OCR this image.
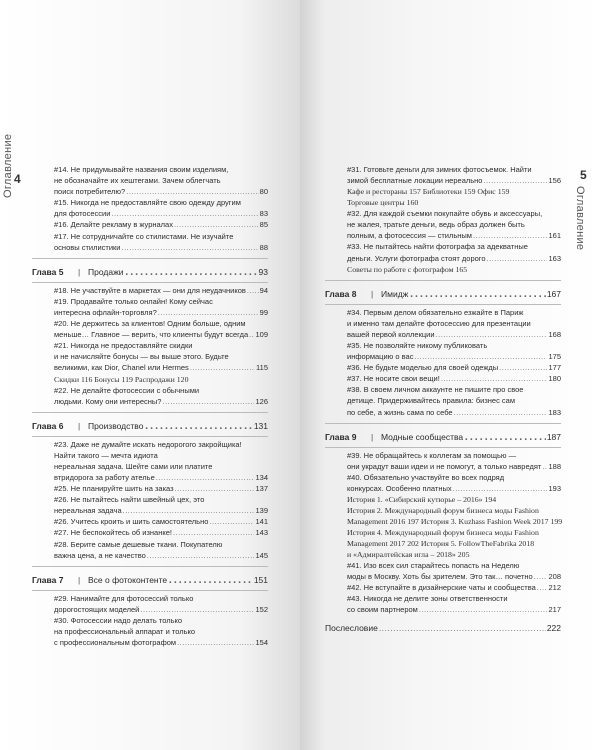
4
Оглавление	#14. Не придумывайте названия своим изделиям,
не обозначайте их хештегами. Зачем облегчать
поиск потребителю? .....	80
#15. Никогда не предоставляйте свою одежду другим
для фотосессии .....	83
#16. Делайте рекламу в журналах .....	85
#17. Не сотрудничайте со стилистами. Не изучайте
основы стилистики .....	88
Глава 5	| Продажи .....	93
#18. Не участвуйте в маркетах — они для неудачников ..... 94
#19. Продавайте только онлайн! Кому сейчас
интересна офлайн-торговля? .....	99
#20. Не держитесь за клиентов! Одним больше, одним
меньше… Главное — верить, что клиенты будут всегда ..... 109
#21. Никогда не предоставляйте скидки
и не начисляйте бонусы — вы выше этого. Будьте
великими, как Dior, Chanel или Hermes .....	115
Скидки 116 Бонусы 119 Распродажи 120
#22. Не делайте фотосессии с обычными
людьми. Кому они интересны? .....	126
Глава 6	| Производство .....	131
#23. Даже не думайте искать недорогого закройщика!
Найти такого — мечта идиота
нереальная задача. Шейте сами или платите
втридорога за работу ателье .....	134
#25. Не планируйте шить на заказ .....	137
#26. Не пытайтесь найти швейный цех, это
нереальная задача .....	139
#26. Учитесь кроить и шить самостоятельно .....	141
#27. Не беспокойтесь об изнанке! .....	143
#28. Берите самые дешевые ткани. Покупателю
важна цена, а не качество .....	145
Глава 7	| Все о фотоконтенте .....	151
#29. Нанимайте для фотосессий только
дорогостоящих моделей .....	152
#30. Фотосессии надо делать только
на профессиональный аппарат и только
с профессиональным фотографом .....	154
5
Оглавление
#31. Готовьте деньги для зимних фотосъемок. Найти
зимой бесплатные локации нереально .....	156
Кафе и рестораны 157 Библиотеки 159 Офис 159
Торговые центры 160
#32. Для каждой съемки покупайте обувь и аксессуары,
не жалея, тратьте деньги, ведь образ должен быть
полным, а фотосессия — стильным .....	161
#33. Не пытайтесь найти фотографа за адекватные
деньги. Услуги фотографа стоят дорого .....	163
Советы по работе с фотографом 165
Глава 8	| Имидж .....	167
#34. Первым делом обязательно езжайте в Париж
и именно там делайте фотосессию для презентации
вашей первой коллекции .....	168
#35. Не позволяйте никому публиковать
информацию о вас .....	175
#36. Не будьте моделью для своей одежды .....	177
#37. Не носите свои вещи! .....	180
#38. В своем личном аккаунте не пишите про свое
детище. Придерживайтесь правила: бизнес сам
по себе, а жизнь сама по себе .....	183
Глава 9	| Модные сообщества .....	187
#39. Не обращайтесь к коллегам за помощью —
они украдут ваши идеи и не помогут, а только навредят ..... 188
#40. Обязательно участвуйте во всех подряд
конкурсах. Особенно платных .....	193
История 1. «Сибирский кутюрье – 2016» 194
История 2. Международный форум бизнеса моды Fashion
Management 2016 197 История 3. Kuzhass Fashion Week 2017 199
История 4. Международный форум бизнеса моды Fashion
Management 2017 202 История 5. FollowTheFabrika 2018
и «Адмиралтейская игла – 2018» 205
#41. Изо всех сил старайтесь попасть на Неделю
моды в Москву. Хоть бы зрителем. Это так… почетно ..... 208
#42. Не вступайте в дизайнерские чаты и сообщества ..... 212
#43. Никогда не делите зоны ответственности
со своим партнером .....	217
Послесловие .....	222
